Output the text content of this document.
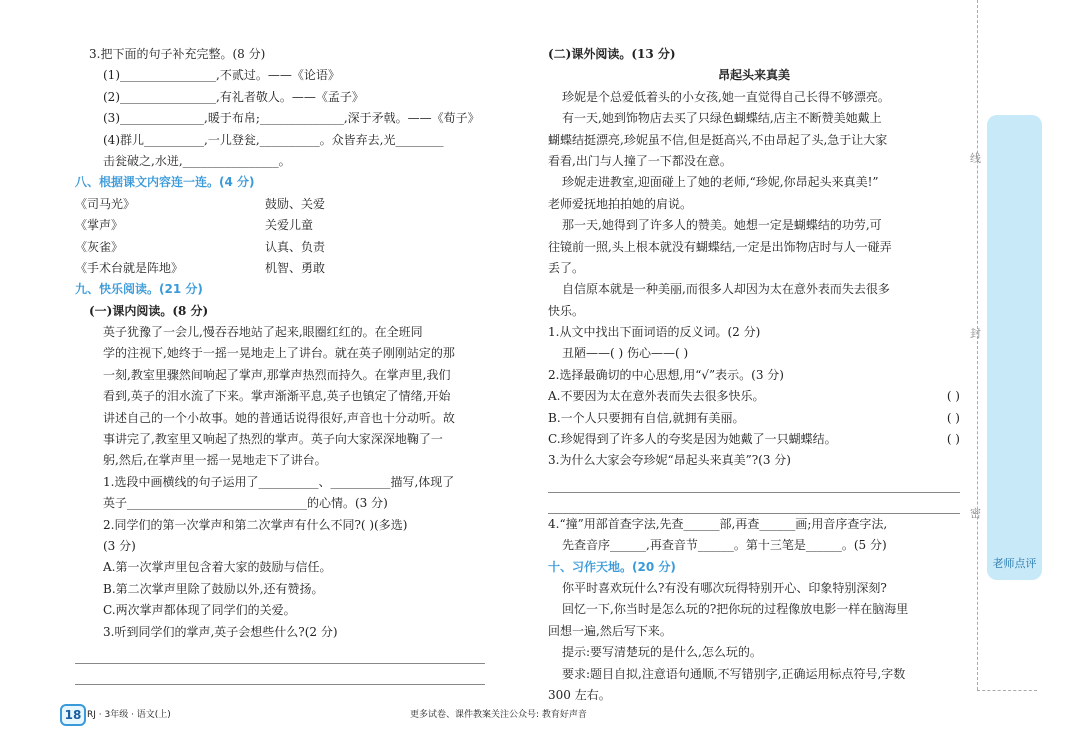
3.把下面的句子补充完整。(8 分)
(1)________________,不贰过。——《论语》
(2)________________,有礼者敬人。——《孟子》
(3)______________,暖于布帛;______________,深于矛戟。——《荀子》
(4)群儿__________,一儿登瓮,__________。众皆弃去,光________
击瓮破之,水迸,________________。
八、根据课文内容连一连。(4 分)
《司马光》	鼓励、关爱
《掌声》	关爱儿童
《灰雀》	认真、负责
《手术台就是阵地》	机智、勇敢
九、快乐阅读。(21 分)
(一)课内阅读。(8 分)
英子犹豫了一会儿,慢吞吞地站了起来,眼圈红红的。在全班同
学的注视下,她终于一摇一晃地走上了讲台。就在英子刚刚站定的那
一刻,教室里骤然间响起了掌声,那掌声热烈而持久。在掌声里,我们
看到,英子的泪水流了下来。掌声渐渐平息,英子也镇定了情绪,开始
讲述自己的一个小故事。她的普通话说得很好,声音也十分动听。故
事讲完了,教室里又响起了热烈的掌声。英子向大家深深地鞠了一
躬,然后,在掌声里一摇一晃地走下了讲台。
1.选段中画横线的句子运用了__________、__________描写,体现了
英子______________________________的心情。(3 分)
2.同学们的第一次掌声和第二次掌声有什么不同?( )(多选)
(3 分)
A.第一次掌声里包含着大家的鼓励与信任。
B.第二次掌声里除了鼓励以外,还有赞扬。
C.两次掌声都体现了同学们的关爱。
3.听到同学们的掌声,英子会想些什么?(2 分)
(二)课外阅读。(13 分)
昂起头来真美
珍妮是个总爱低着头的小女孩,她一直觉得自己长得不够漂亮。
有一天,她到饰物店去买了只绿色蝴蝶结,店主不断赞美她戴上
蝴蝶结挺漂亮,珍妮虽不信,但是挺高兴,不由昂起了头,急于让大家
看看,出门与人撞了一下都没在意。
珍妮走进教室,迎面碰上了她的老师,“珍妮,你昂起头来真美!”
老师爱抚地拍拍她的肩说。
那一天,她得到了许多人的赞美。她想一定是蝴蝶结的功劳,可
往镜前一照,头上根本就没有蝴蝶结,一定是出饰物店时与人一碰弄
丢了。
自信原本就是一种美丽,而很多人却因为太在意外表而失去很多
快乐。
1.从文中找出下面词语的反义词。(2 分)
丑陋——( ) 伤心——( )
2.选择最确切的中心思想,用“√”表示。(3 分)
A.不要因为太在意外表而失去很多快乐。	( )
B.一个人只要拥有自信,就拥有美丽。	( )
C.珍妮得到了许多人的夸奖是因为她戴了一只蝴蝶结。	( )
3.为什么大家会夸珍妮“昂起头来真美”?(3 分)
4.“撞”用部首查字法,先查______部,再查______画;用音序查字法,
先查音序______,再查音节______。第十三笔是______。(5 分)
十、习作天地。(20 分)
你平时喜欢玩什么?有没有哪次玩得特别开心、印象特别深刻?
回忆一下,你当时是怎么玩的?把你玩的过程像放电影一样在脑海里
回想一遍,然后写下来。
提示:要写清楚玩的是什么,怎么玩的。
要求:题目自拟,注意语句通顺,不写错别字,正确运用标点符号,字数
300 左右。
老师点评
线
封
密
18 RJ · 3年级 · 语文(上)	更多试卷、课件教案关注公众号: 教育好声音
